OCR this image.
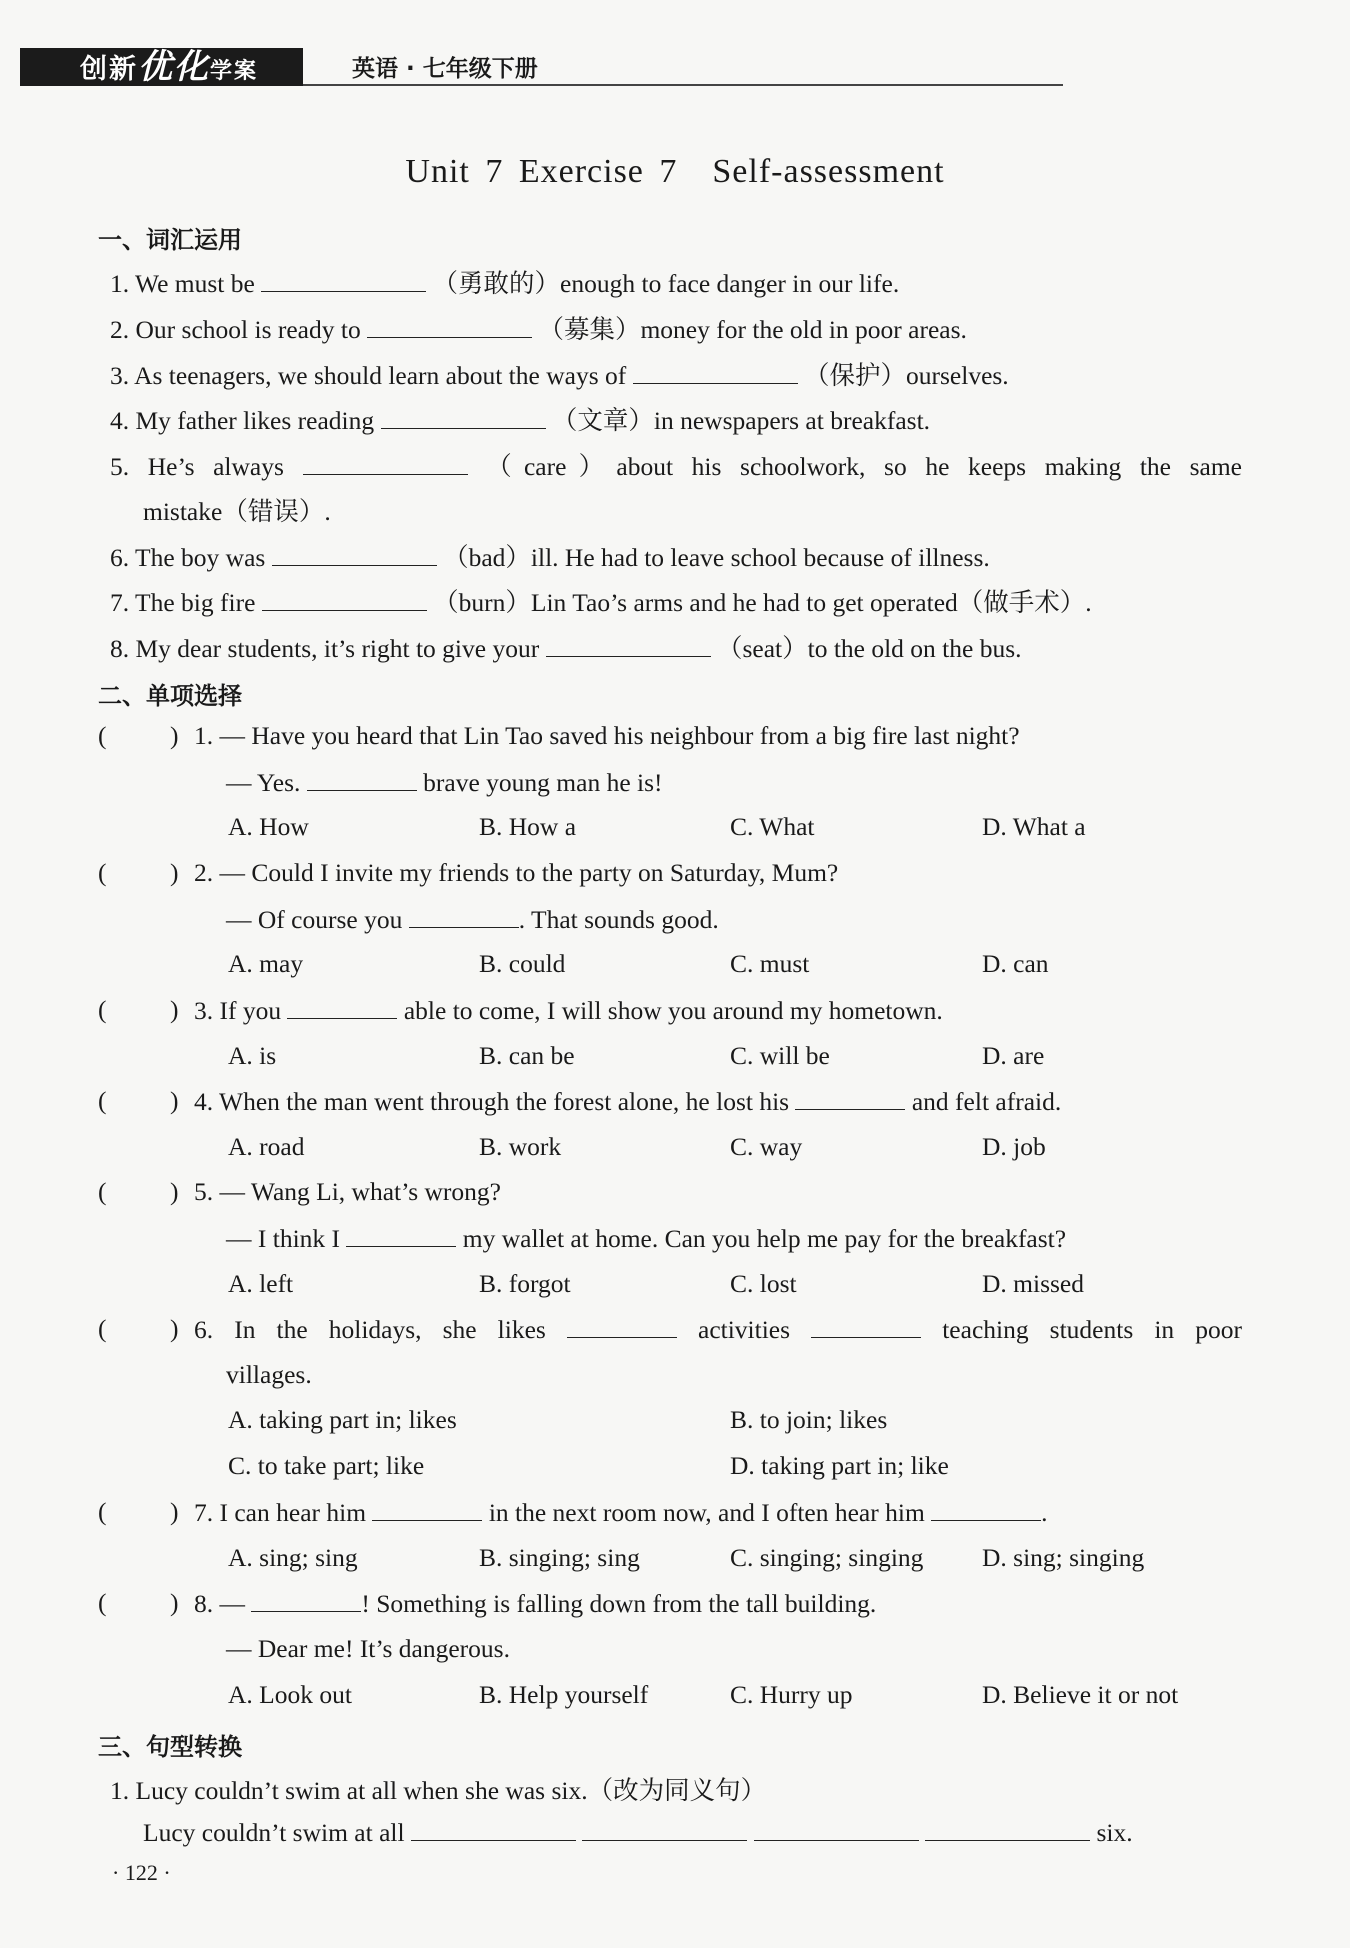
创新优化学案	英语 · 七年级下册
Unit 7 Exercise 7　Self-assessment
一、词汇运用
1. We must be	（勇敢的）enough to face danger in our life.
2. Our school is ready to	（募集）money for the old in poor areas.
3. As teenagers, we should learn about the ways of	（保护）ourselves.
4. My father likes reading	（文章）in newspapers at breakfast.
5. He’s always	（care）about his schoolwork, so he keeps making the same
mistake（错误）.
6. The boy was	（bad）ill. He had to leave school because of illness.
7. The big fire	（burn）Lin Tao’s arms and he had to get operated（做手术）.
8. My dear students, it’s right to give your	（seat）to the old on the bus.
二、单项选择
( ) 1. — Have you heard that Lin Tao saved his neighbour from a big fire last night?
— Yes.	brave young man he is!
A. How	B. How a	C. What	D. What a
( ) 2. — Could I invite my friends to the party on Saturday, Mum?
— Of course you	. That sounds good.
A. may	B. could	C. must	D. can
( ) 3. If you	able to come, I will show you around my hometown.
A. is	B. can be	C. will be	D. are
( ) 4. When the man went through the forest alone, he lost his	and felt afraid.
A. road	B. work	C. way	D. job
( ) 5. — Wang Li, what’s wrong?
— I think I	my wallet at home. Can you help me pay for the breakfast?
A. left	B. forgot	C. lost	D. missed
( ) 6. In the holidays, she likes	activities	teaching students in poor
villages.
A. taking part in; likes	B. to join; likes
C. to take part; like	D. taking part in; like
( ) 7. I can hear him	in the next room now, and I often hear him	.
A. sing; sing	B. singing; sing	C. singing; singing D. sing; singing
( ) 8. —	! Something is falling down from the tall building.
— Dear me! It’s dangerous.
A. Look out	B. Help yourself	C. Hurry up	D. Believe it or not
三、句型转换
1. Lucy couldn’t swim at all when she was six.（改为同义句）
Lucy couldn’t swim at all	six.
· 122 ·
